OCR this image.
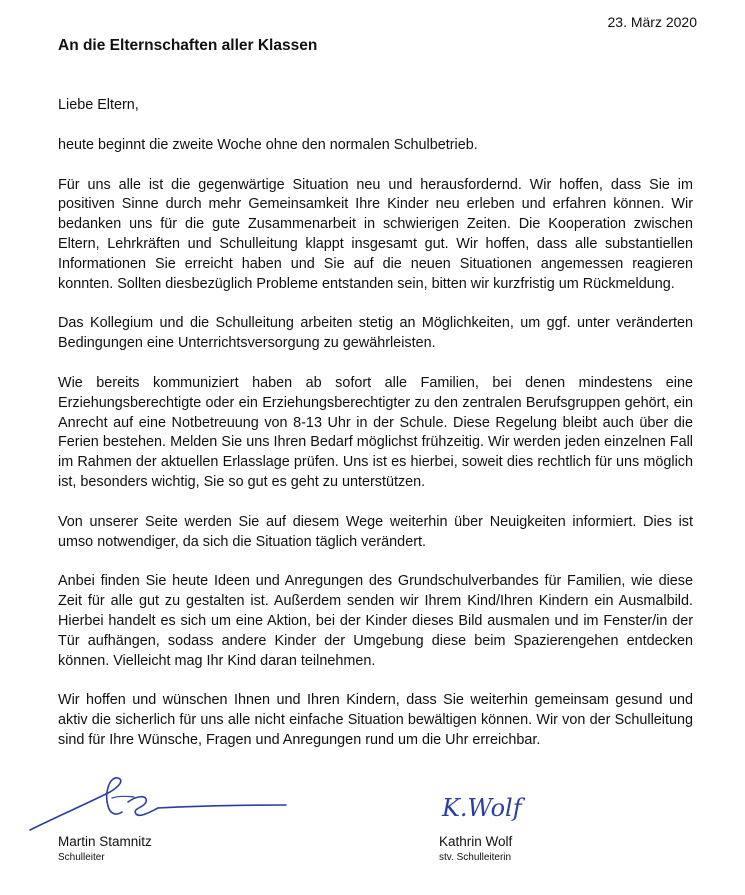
23. März 2020
An die Elternschaften aller Klassen

Liebe Eltern,

heute beginnt die zweite Woche ohne den normalen Schulbetrieb.

Für uns alle ist die gegenwärtige Situation neu und herausfordernd. Wir hoffen, dass Sie im positiven Sinne durch mehr Gemeinsamkeit Ihre Kinder neu erleben und erfahren können. Wir bedanken uns für die gute Zusammenarbeit in schwierigen Zeiten. Die Kooperation zwischen Eltern, Lehrkräften und Schulleitung klappt insgesamt gut. Wir hoffen, dass alle substantiellen Informationen Sie erreicht haben und Sie auf die neuen Situationen angemessen reagieren konnten. Sollten diesbezüglich Probleme entstanden sein, bitten wir kurzfristig um Rückmeldung.

Das Kollegium und die Schulleitung arbeiten stetig an Möglichkeiten, um ggf. unter veränderten Bedingungen eine Unterrichtsversorgung zu gewährleisten.

Wie bereits kommuniziert haben ab sofort alle Familien, bei denen mindestens eine Erziehungsberechtigte oder ein Erziehungsberechtigter zu den zentralen Berufsgruppen gehört, ein Anrecht auf eine Notbetreuung von 8-13 Uhr in der Schule. Diese Regelung bleibt auch über die Ferien bestehen. Melden Sie uns Ihren Bedarf möglichst frühzeitig. Wir werden jeden einzelnen Fall im Rahmen der aktuellen Erlasslage prüfen. Uns ist es hierbei, soweit dies rechtlich für uns möglich ist, besonders wichtig, Sie so gut es geht zu unterstützen.

Von unserer Seite werden Sie auf diesem Wege weiterhin über Neuigkeiten informiert. Dies ist umso notwendiger, da sich die Situation täglich verändert.

Anbei finden Sie heute Ideen und Anregungen des Grundschulverbandes für Familien, wie diese Zeit für alle gut zu gestalten ist. Außerdem senden wir Ihrem Kind/Ihren Kindern ein Ausmalbild. Hierbei handelt es sich um eine Aktion, bei der Kinder dieses Bild ausmalen und im Fenster/in der Tür aufhängen, sodass andere Kinder der Umgebung diese beim Spazierengehen entdecken können. Vielleicht mag Ihr Kind daran teilnehmen.

Wir hoffen und wünschen Ihnen und Ihren Kindern, dass Sie weiterhin gemeinsam gesund und aktiv die sicherlich für uns alle nicht einfache Situation bewältigen können. Wir von der Schulleitung sind für Ihre Wünsche, Fragen und Anregungen rund um die Uhr erreichbar.

K.Wolf
Martin Stamnitz
Schulleiter
Kathrin Wolf
stv. Schulleiterin
